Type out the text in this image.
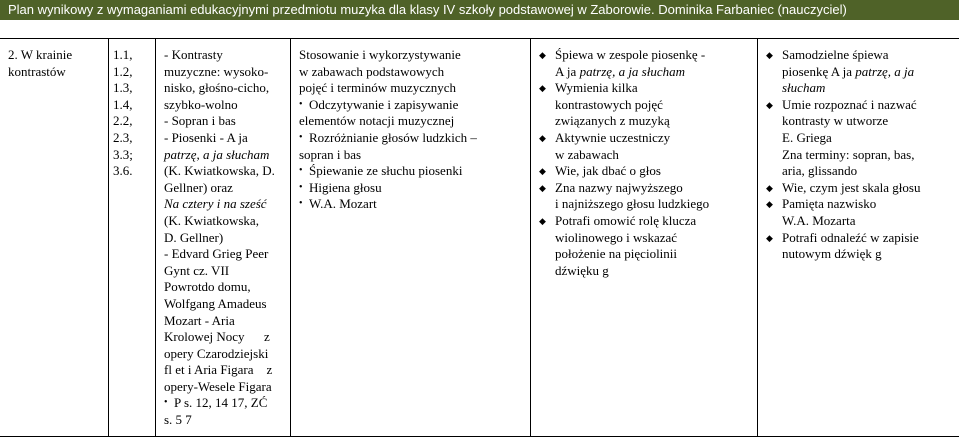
Plan wynikowy z wymaganiami edukacyjnymi przedmiotu muzyka dla klasy IV szkoły podstawowej w Zaborowie. Dominika Farbaniec (nauczyciel)
2. W krainie
kontrastów
1.1,
1.2,
1.3,
1.4,
2.2,
2.3,
3.3;
3.6.
- Kontrasty
muzyczne: wysoko-
nisko, głośno-cicho,
szybko-wolno
- Sopran i bas
- Piosenki - A ja
patrzę, a ja słucham
(K. Kwiatkowska, D.
Gellner) oraz
Na cztery i na sześć
(K. Kwiatkowska,
D. Gellner)
- Edvard Grieg Peer
Gynt cz. VII
Powrotdo domu,
Wolfgang Amadeus
Mozart - Aria
Krolowej Nocy      z
opery Czarodziejski
fl et i Aria Figara    z
opery-Wesele Figara
• P s. 12, 14 17, ZĆ
s. 5 7
Stosowanie i wykorzystywanie
w zabawach podstawowych
pojęć i terminów muzycznych
• Odczytywanie i zapisywanie
elementów notacji muzycznej
• Rozróżnianie głosów ludzkich –
sopran i bas
• Śpiewanie ze słuchu piosenki
• Higiena głosu
• W.A. Mozart
◆ Śpiewa w zespole piosenkę -
A ja patrzę, a ja słucham
◆ Wymienia kilka
kontrastowych pojęć
związanych z muzyką
◆ Aktywnie uczestniczy
w zabawach
◆ Wie, jak dbać o głos
◆ Zna nazwy najwyższego
i najniższego głosu ludzkiego
◆ Potrafi omowić rolę klucza
wiolinowego i wskazać
położenie na pięciolinii
dźwięku g
◆ Samodzielne śpiewa
piosenkę A ja patrzę, a ja
słucham
◆ Umie rozpoznać i nazwać
kontrasty w utworze
E. Griega
Zna terminy: sopran, bas,
aria, glissando
◆ Wie, czym jest skala głosu
◆ Pamięta nazwisko
W.A. Mozarta
◆ Potrafi odnaleźć w zapisie
nutowym dźwięk g
